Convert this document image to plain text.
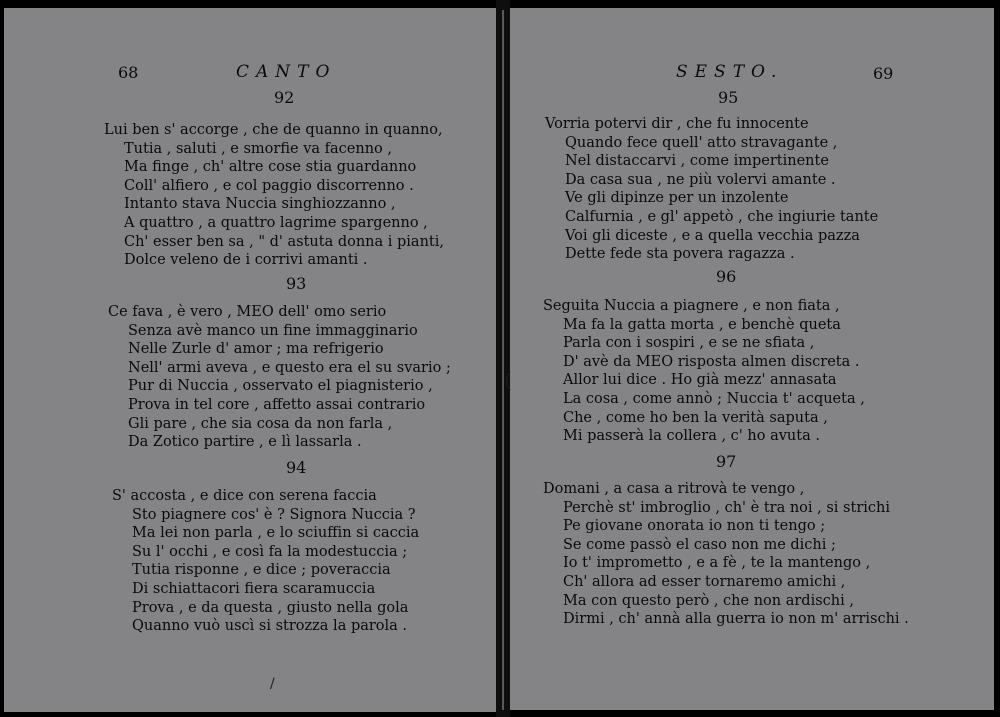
68	CANTO
92
Lui ben s' accorge , che de quanno in quanno,
Tutia , saluti , e smorfie va facenno ,
Ma finge , ch' altre cose stia guardanno
Coll' alfiero , e col paggio discorrenno .
Intanto stava Nuccia singhiozzanno ,
A quattro , a quattro lagrime spargenno ,
Ch' esser ben sa , " d' astuta donna i pianti,
Dolce veleno de i corrivi amanti .
93
Ce fava , è vero , MEO dell' omo serio
Senza avè manco un fine immagginario
Nelle Zurle d' amor ; ma refrigerio
Nell' armi aveva , e questo era el su svario ;
Pur di Nuccia , osservato el piagnisterio ,
Prova in tel core , affetto assai contrario
Gli pare , che sia cosa da non farla ,
Da Zotico partire , e lì lassarla .
94
S' accosta , e dice con serena faccia
Sto piagnere cos' è ? Signora Nuccia ?
Ma lei non parla , e lo sciuffin si caccia
Su l' occhi , e così fa la modestuccia ;
Tutia risponne , e dice ; poveraccia
Di schiattacori fiera scaramuccia
Prova , e da questa , giusto nella gola
Quanno vuò uscì si strozza la parola .
/
SESTO.	69
95
Vorria potervi dir , che fu innocente
Quando fece quell' atto stravagante ,
Nel distaccarvi , come impertinente
Da casa sua , ne più volervi amante .
Ve gli dipinze per un inzolente
Calfurnia , e gl' appetò , che ingiurie tante
Voi gli diceste , e a quella vecchia pazza
Dette fede sta povera ragazza .
96
Seguita Nuccia a piagnere , e non fiata ,
Ma fa la gatta morta , e benchè queta
Parla con i sospiri , e se ne sfiata ,
D' avè da MEO risposta almen discreta .
Allor lui dice . Ho già mezz' annasata
La cosa , come annò ; Nuccia t' acqueta ,
Che , come ho ben la verità saputa ,
Mi passerà la collera , c' ho avuta .
97
Domani , a casa a ritrovà te vengo ,
Perchè st' imbroglio , ch' è tra noi , si strichi
Pe giovane onorata io non ti tengo ;
Se come passò el caso non me dichi ;
Io t' imprometto , e a fè , te la mantengo ,
Ch' allora ad esser tornaremo amichi ,
Ma con questo però , che non ardischi ,
Dirmi , ch' annà alla guerra io non m' arrischi .
(
